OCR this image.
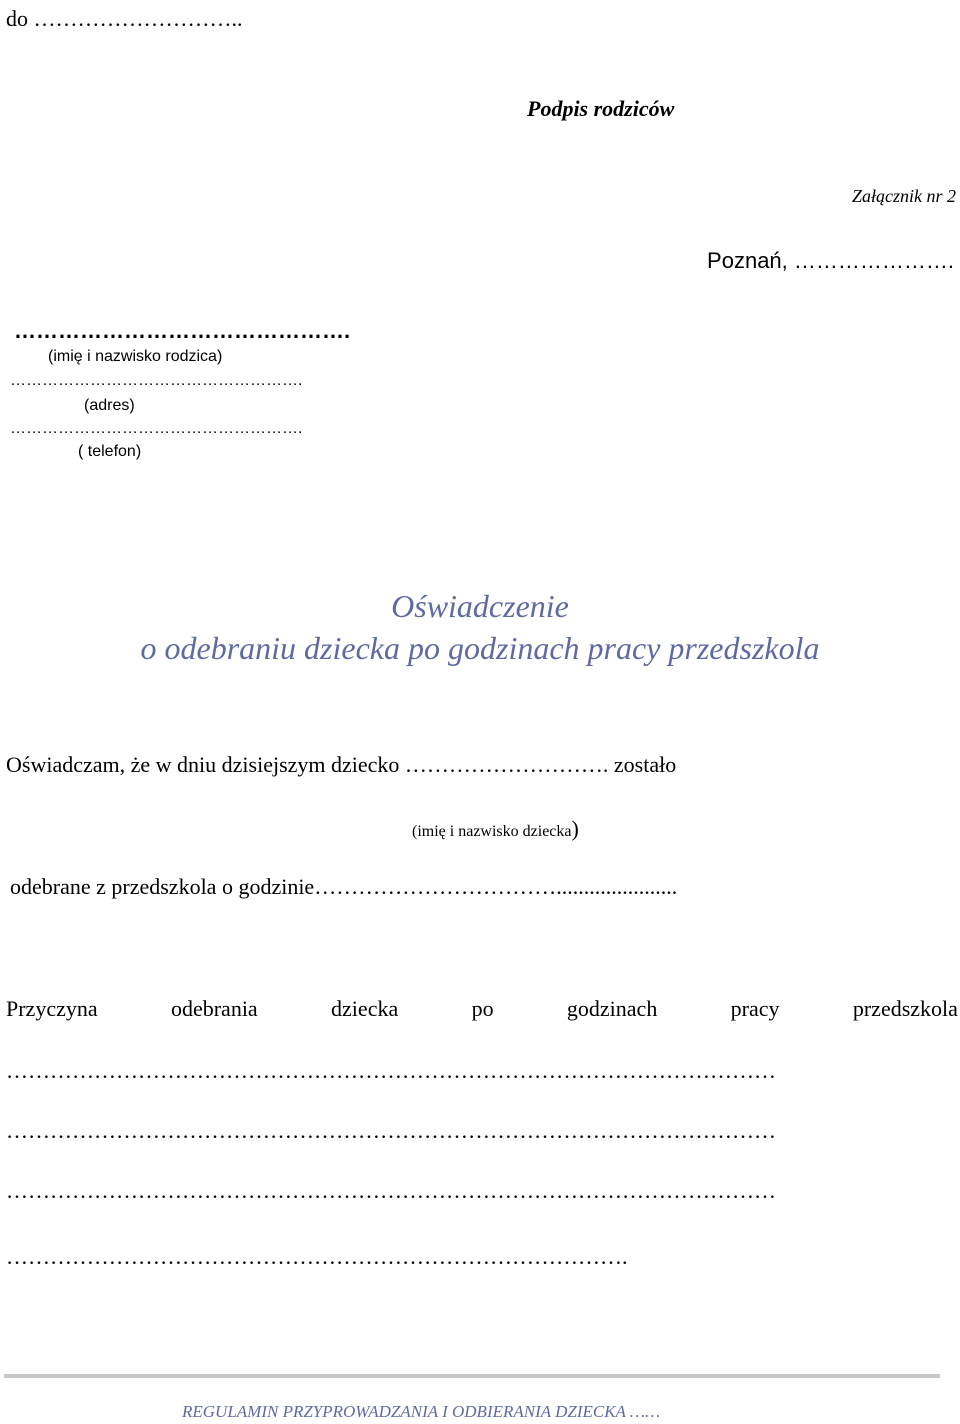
do ………………………..
Podpis rodziców
Załącznik nr 2
Poznań, ………………….
……………………………………….
(imię i nazwisko rodzica)
……………………………………………….
(adres)
……………………………………………….
( telefon)
Oświadczenie
o odebraniu dziecka po godzinach pracy przedszkola
Oświadczam, że w dniu dzisiejszym dziecko ………………………. zostało
(imię i nazwisko dziecka)
odebrane z przedszkola o godzinie……………………………......................
Przyczyna	odebrania	dziecka	po	godzinach	pracy	przedszkola
……………………………………………………………………………………………
……………………………………………………………………………………………
……………………………………………………………………………………………
………………………………………………………………………….
REGULAMIN PRZYPROWADZANIA I ODBIERANIA DZIECKA ……
